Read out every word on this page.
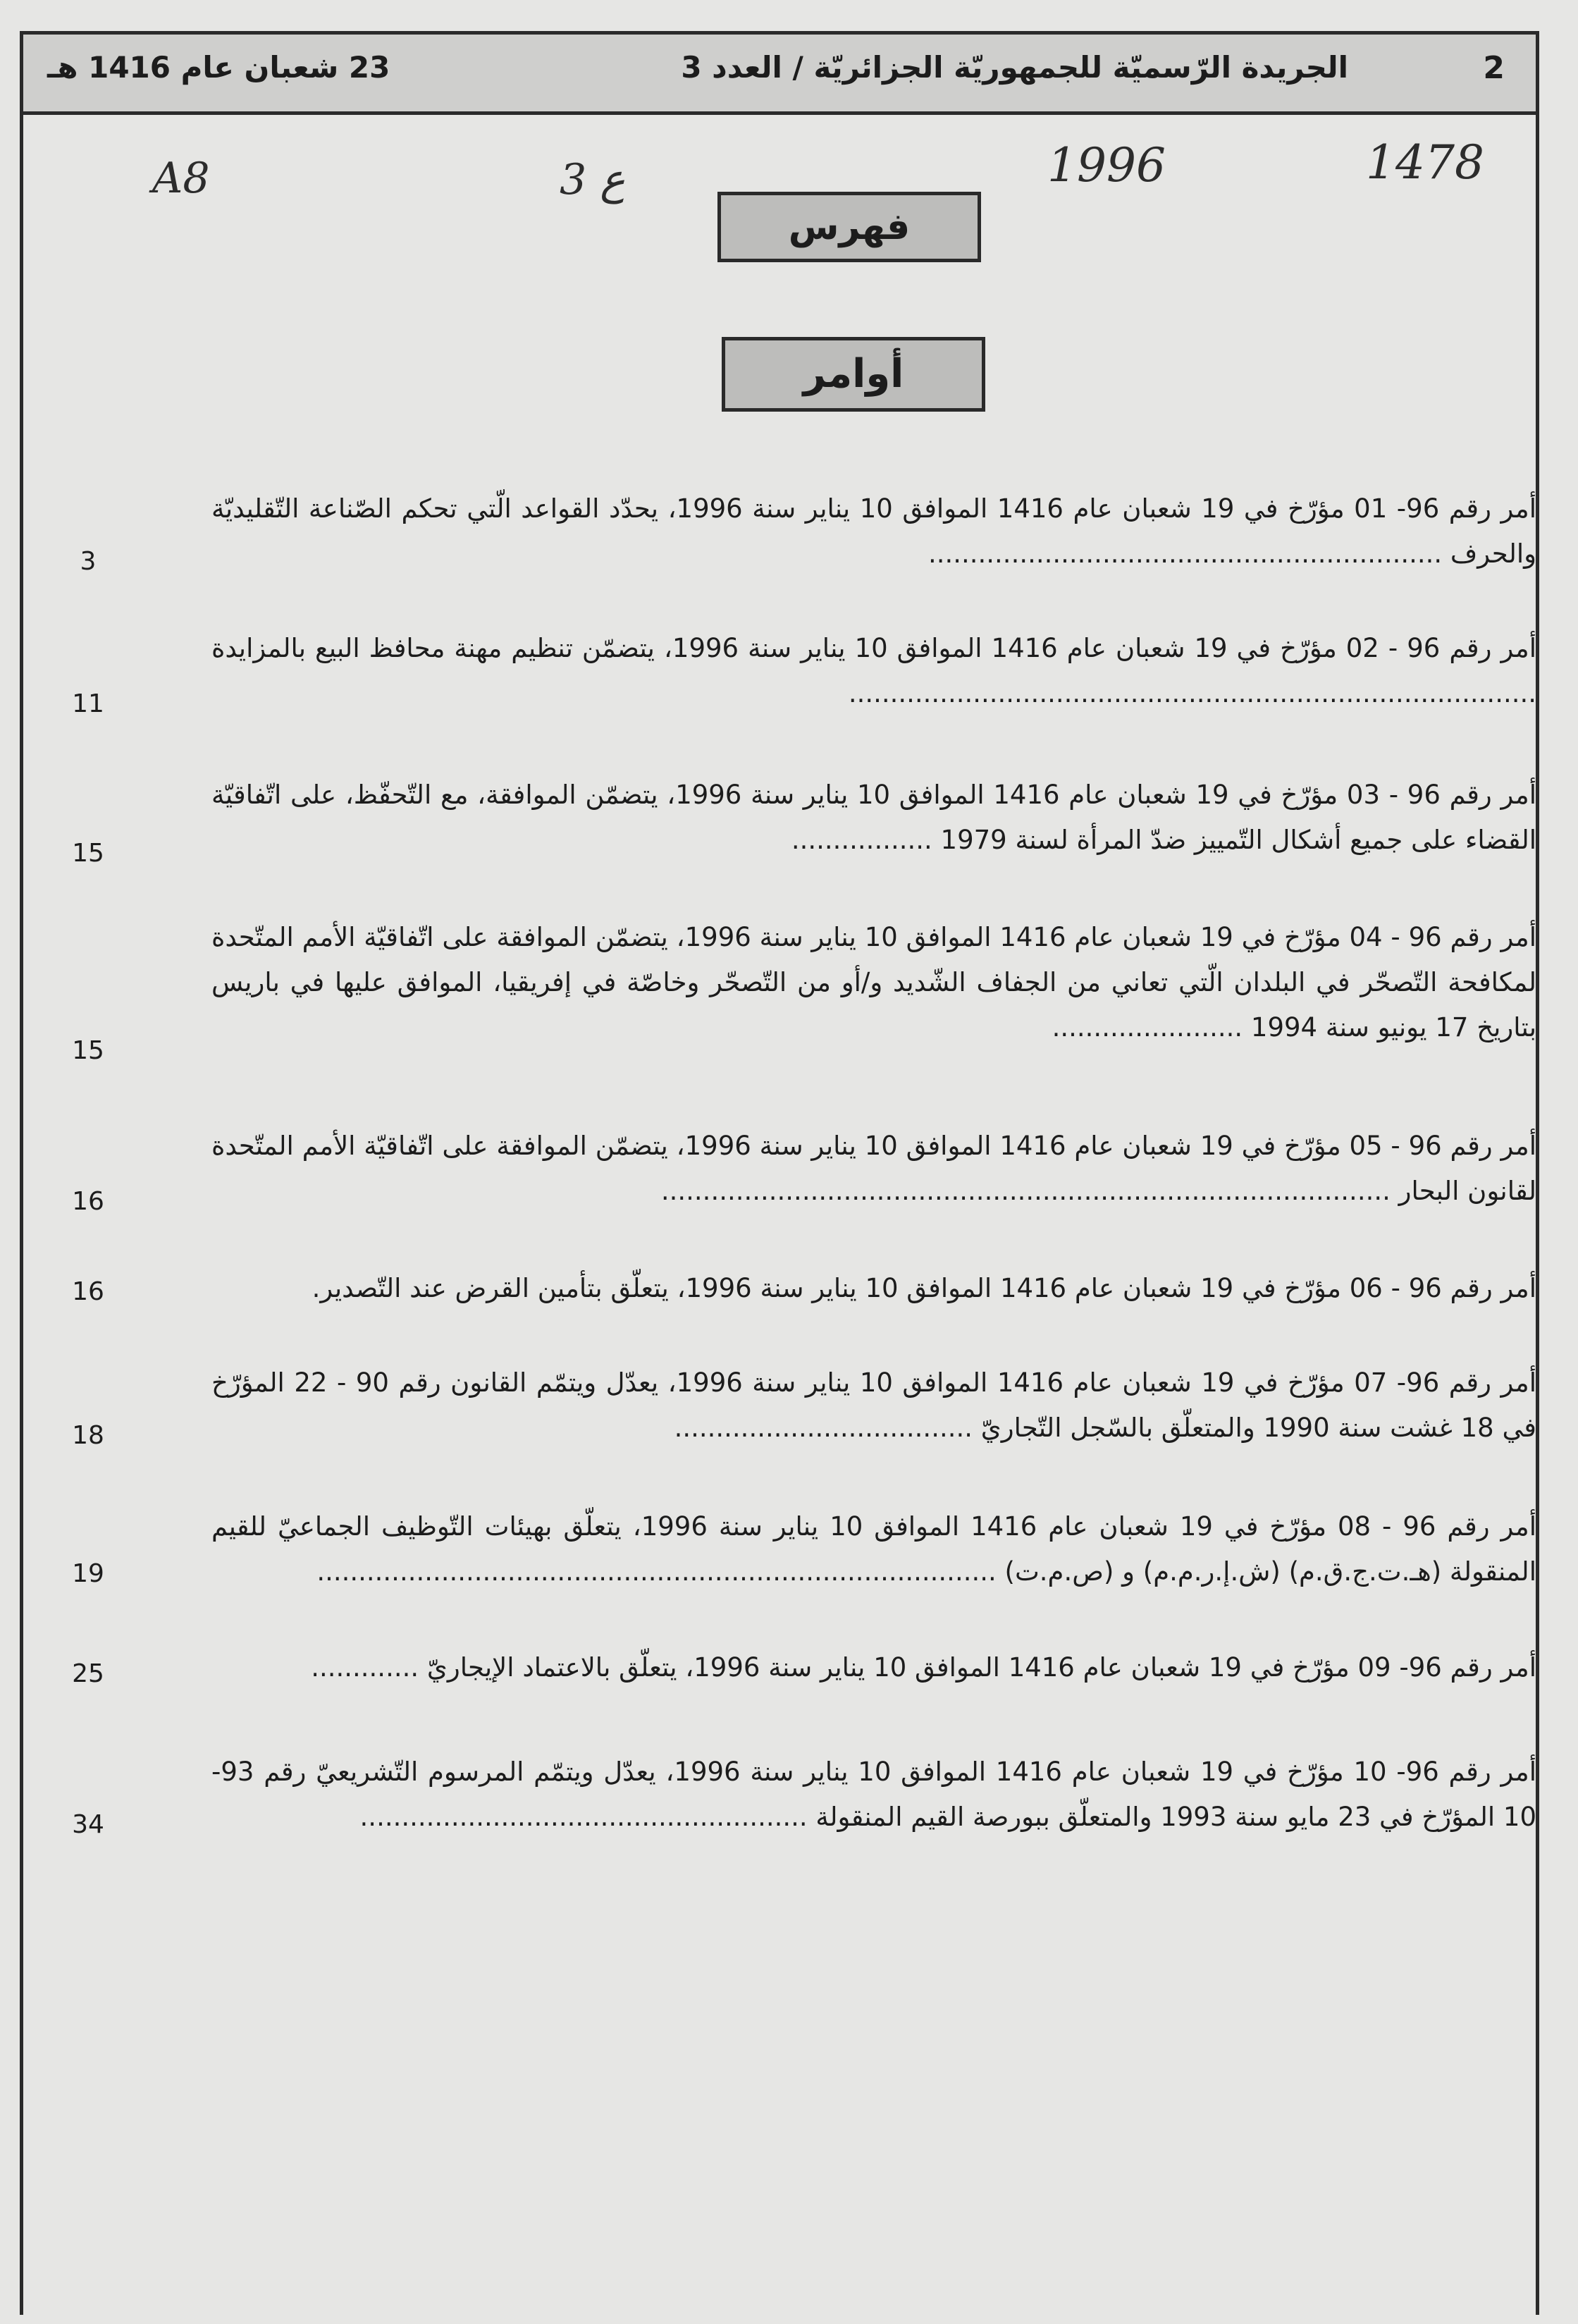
2
الجريدة الرّسميّة للجمهوريّة الجزائريّة / العدد 3
23 شعبان عام 1416 هـ
A8	3 ع	1996	1478
فهرس
أوامر
أمر رقم 96- 01 مؤرّخ في 19 شعبان عام 1416 الموافق 10 يناير سنة 1996، يحدّد القواعد الّتي تحكم الصّناعة التّقليديّة والحرف ..............................................................
3
أمر رقم 96 - 02 مؤرّخ في 19 شعبان عام 1416 الموافق 10 يناير سنة 1996، يتضمّن تنظيم مهنة محافظ البيع بالمزايدة ...................................................................................
11
أمر رقم 96 - 03 مؤرّخ في 19 شعبان عام 1416 الموافق 10 يناير سنة 1996، يتضمّن الموافقة، مع التّحفّظ، على اتّفاقيّة القضاء على جميع أشكال التّمييز ضدّ المرأة لسنة 1979 .................
15
أمر رقم 96 - 04 مؤرّخ في 19 شعبان عام 1416 الموافق 10 يناير سنة 1996، يتضمّن الموافقة على اتّفاقيّة الأمم المتّحدة لمكافحة التّصحّر في البلدان الّتي تعاني من الجفاف الشّديد و/أو من التّصحّر وخاصّة في إفريقيا، الموافق عليها في باريس بتاريخ 17 يونيو سنة 1994 .......................
15
أمر رقم 96 - 05 مؤرّخ في 19 شعبان عام 1416 الموافق 10 يناير سنة 1996، يتضمّن الموافقة على اتّفاقيّة الأمم المتّحدة لقانون البحار ........................................................................................
16
أمر رقم 96 - 06 مؤرّخ في 19 شعبان عام 1416 الموافق 10 يناير سنة 1996، يتعلّق بتأمين القرض عند التّصدير.
16
أمر رقم 96- 07 مؤرّخ في 19 شعبان عام 1416 الموافق 10 يناير سنة 1996، يعدّل ويتمّم القانون رقم 90 - 22 المؤرّخ في 18 غشت سنة 1990 والمتعلّق بالسّجل التّجاريّ ....................................
18
أمر رقم 96 - 08 مؤرّخ في 19 شعبان عام 1416 الموافق 10 يناير سنة 1996، يتعلّق بهيئات التّوظيف الجماعيّ للقيم المنقولة (هـ.ت.ج.ق.م) (ش.إ.ر.م.م) و (ص.م.ت) ..................................................................................
19
أمر رقم 96- 09 مؤرّخ في 19 شعبان عام 1416 الموافق 10 يناير سنة 1996، يتعلّق بالاعتماد الإيجاريّ .............
25
أمر رقم 96- 10 مؤرّخ في 19 شعبان عام 1416 الموافق 10 يناير سنة 1996، يعدّل ويتمّم المرسوم التّشريعيّ رقم 93-10 المؤرّخ في 23 مايو سنة 1993 والمتعلّق ببورصة القيم المنقولة ......................................................
34
